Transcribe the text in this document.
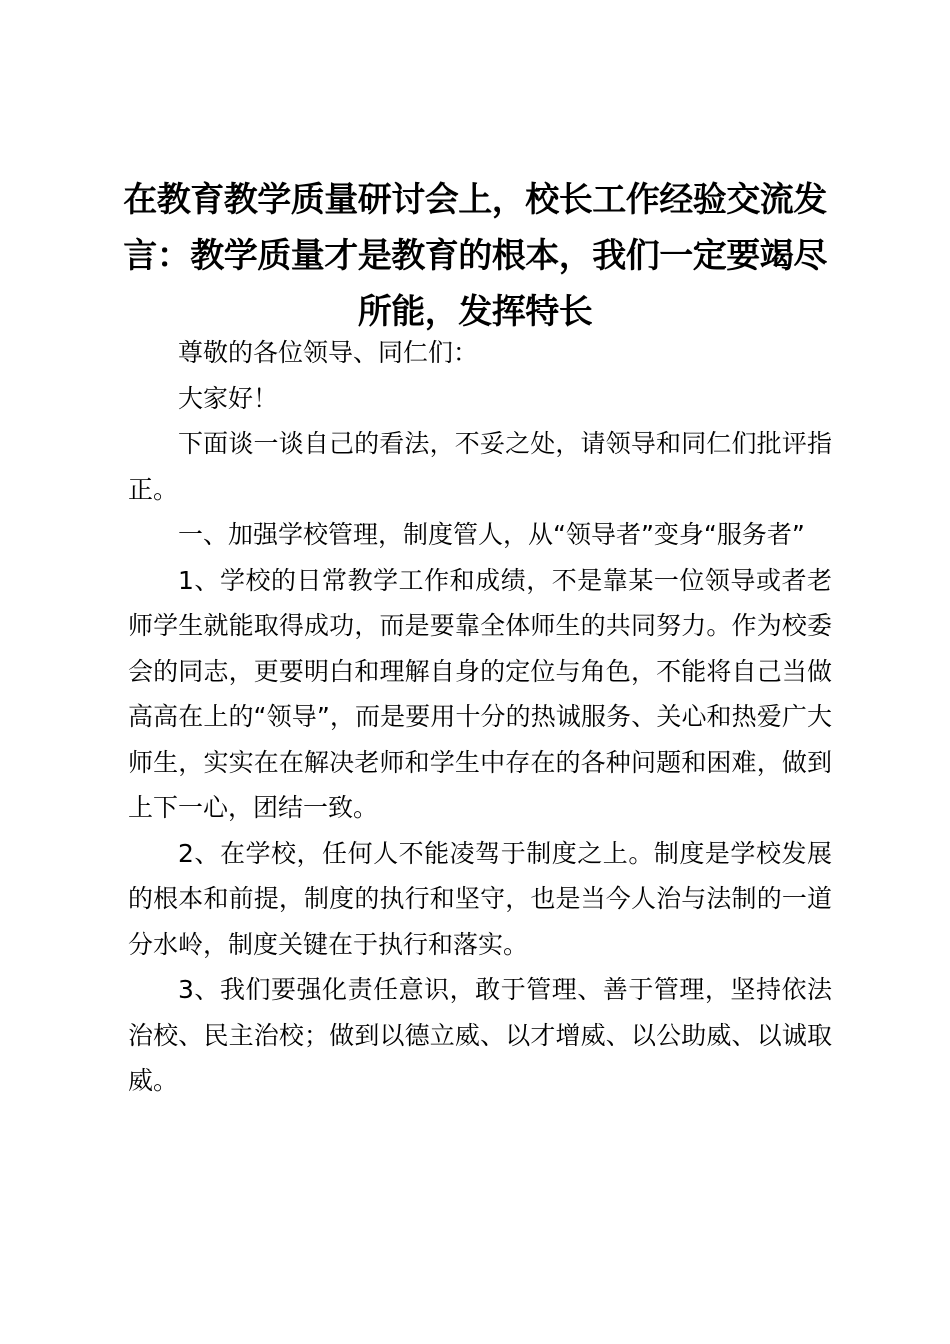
在教育教学质量研讨会上，校长工作经验交流发言：教学质量才是教育的根本，我们一定要竭尽所能，发挥特长

尊敬的各位领导、同仁们：

大家好！

下面谈一谈自己的看法，不妥之处，请领导和同仁们批评指正。

一、加强学校管理，制度管人，从“领导者”变身“服务者”

1、学校的日常教学工作和成绩，不是靠某一位领导或者老师学生就能取得成功，而是要靠全体师生的共同努力。作为校委会的同志，更要明白和理解自身的定位与角色，不能将自己当做高高在上的“领导”，而是要用十分的热诚服务、关心和热爱广大师生，实实在在解决老师和学生中存在的各种问题和困难，做到上下一心，团结一致。

2、在学校，任何人不能凌驾于制度之上。制度是学校发展的根本和前提，制度的执行和坚守，也是当今人治与法制的一道分水岭，制度关键在于执行和落实。

3、我们要强化责任意识，敢于管理、善于管理，坚持依法治校、民主治校；做到以德立威、以才增威、以公助威、以诚取威。
